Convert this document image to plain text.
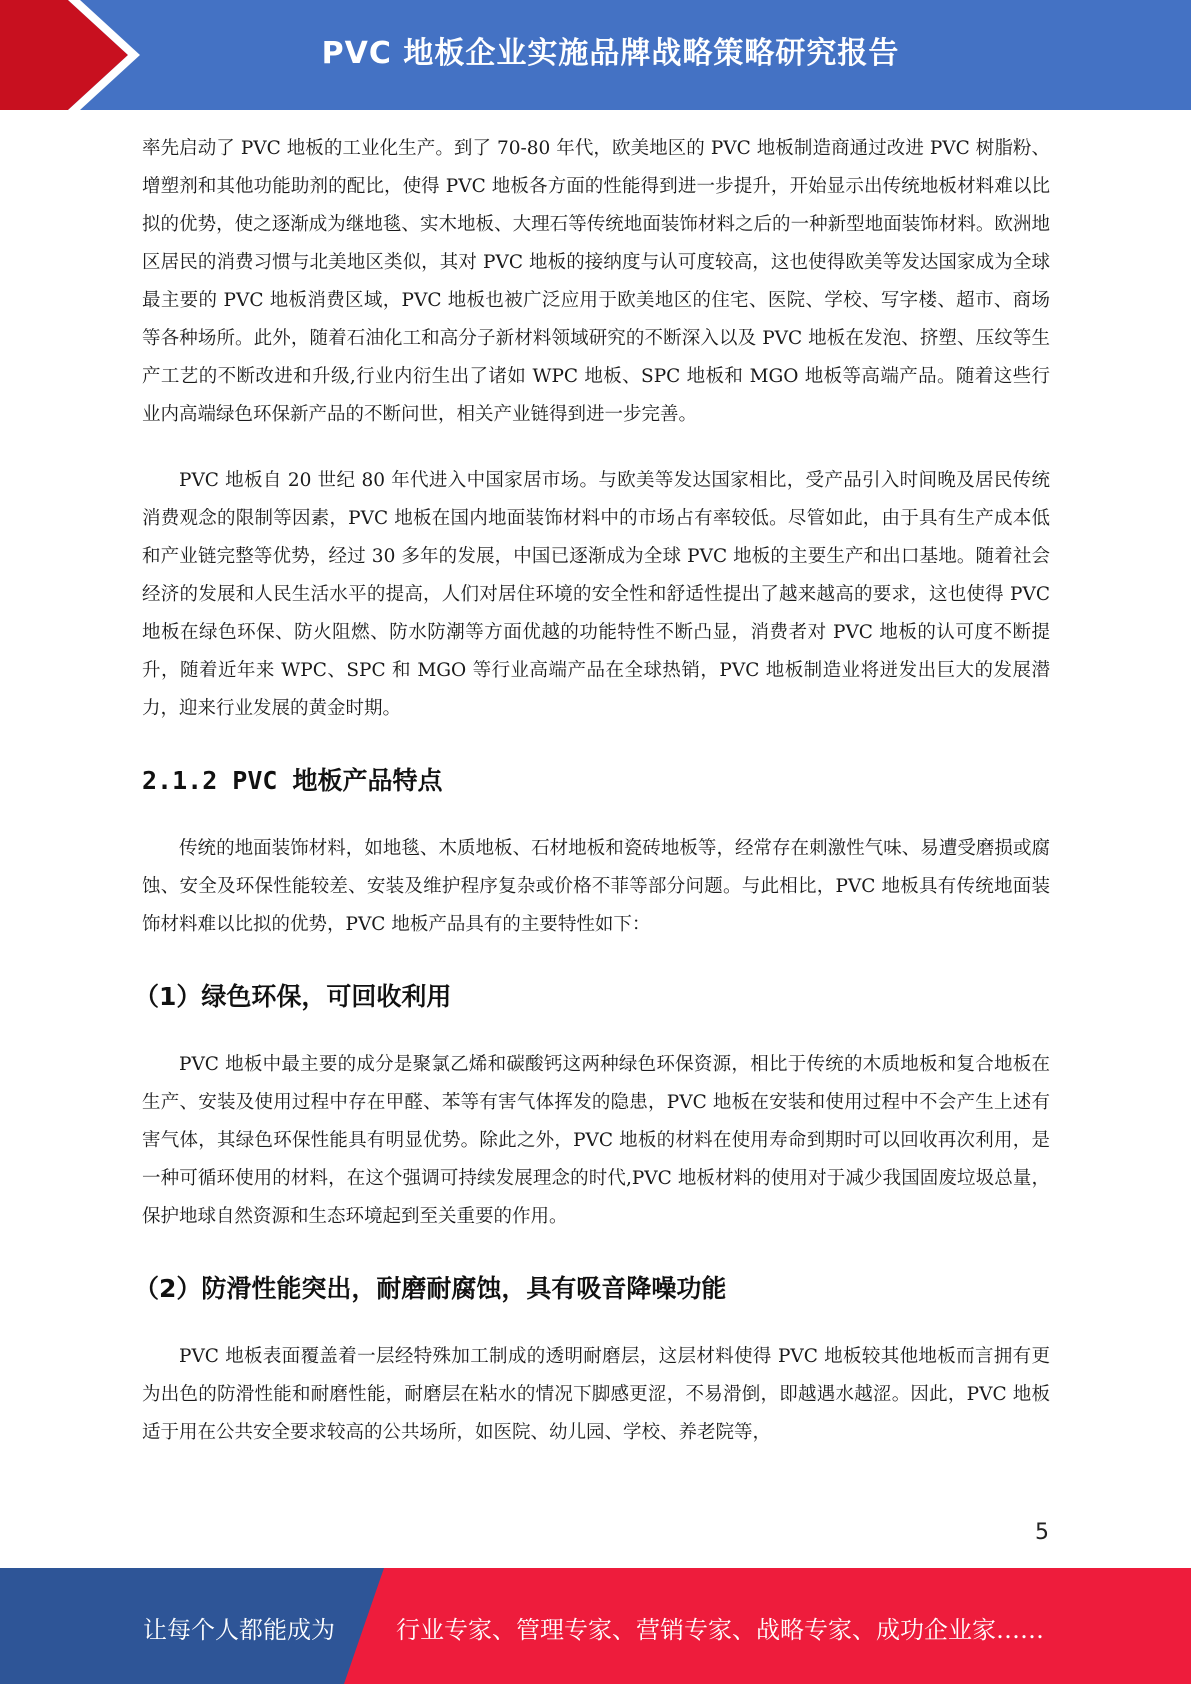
PVC 地板企业实施品牌战略策略研究报告

率先启动了 PVC 地板的工业化生产。到了 70-80 年代，欧美地区的 PVC 地板制造商通过改进 PVC 树脂粉、增塑剂和其他功能助剂的配比，使得 PVC 地板各方面的性能得到进一步提升，开始显示出传统地板材料难以比拟的优势，使之逐渐成为继地毯、实木地板、大理石等传统地面装饰材料之后的一种新型地面装饰材料。欧洲地区居民的消费习惯与北美地区类似，其对 PVC 地板的接纳度与认可度较高，这也使得欧美等发达国家成为全球最主要的 PVC 地板消费区域，PVC 地板也被广泛应用于欧美地区的住宅、医院、学校、写字楼、超市、商场等各种场所。此外，随着石油化工和高分子新材料领域研究的不断深入以及 PVC 地板在发泡、挤塑、压纹等生产工艺的不断改进和升级,行业内衍生出了诸如 WPC 地板、SPC 地板和 MGO 地板等高端产品。随着这些行业内高端绿色环保新产品的不断问世，相关产业链得到进一步完善。

PVC 地板自 20 世纪 80 年代进入中国家居市场。与欧美等发达国家相比，受产品引入时间晚及居民传统消费观念的限制等因素，PVC 地板在国内地面装饰材料中的市场占有率较低。尽管如此，由于具有生产成本低和产业链完整等优势，经过 30 多年的发展，中国已逐渐成为全球 PVC 地板的主要生产和出口基地。随着社会经济的发展和人民生活水平的提高，人们对居住环境的安全性和舒适性提出了越来越高的要求，这也使得 PVC 地板在绿色环保、防火阻燃、防水防潮等方面优越的功能特性不断凸显，消费者对 PVC 地板的认可度不断提升，随着近年来 WPC、SPC 和 MGO 等行业高端产品在全球热销，PVC 地板制造业将迸发出巨大的发展潜力，迎来行业发展的黄金时期。

2.1.2 PVC 地板产品特点

传统的地面装饰材料，如地毯、木质地板、石材地板和瓷砖地板等，经常存在刺激性气味、易遭受磨损或腐蚀、安全及环保性能较差、安装及维护程序复杂或价格不菲等部分问题。与此相比，PVC 地板具有传统地面装饰材料难以比拟的优势，PVC 地板产品具有的主要特性如下：

（1）绿色环保，可回收利用

PVC 地板中最主要的成分是聚氯乙烯和碳酸钙这两种绿色环保资源，相比于传统的木质地板和复合地板在生产、安装及使用过程中存在甲醛、苯等有害气体挥发的隐患，PVC 地板在安装和使用过程中不会产生上述有害气体，其绿色环保性能具有明显优势。除此之外，PVC 地板的材料在使用寿命到期时可以回收再次利用，是一种可循环使用的材料，在这个强调可持续发展理念的时代,PVC 地板材料的使用对于减少我国固废垃圾总量，保护地球自然资源和生态环境起到至关重要的作用。

（2）防滑性能突出，耐磨耐腐蚀，具有吸音降噪功能

PVC 地板表面覆盖着一层经特殊加工制成的透明耐磨层，这层材料使得 PVC 地板较其他地板而言拥有更为出色的防滑性能和耐磨性能，耐磨层在粘水的情况下脚感更涩，不易滑倒，即越遇水越涩。因此，PVC 地板适于用在公共安全要求较高的公共场所，如医院、幼儿园、学校、养老院等，

5
让每个人都能成为	行业专家、管理专家、营销专家、战略专家、成功企业家……
